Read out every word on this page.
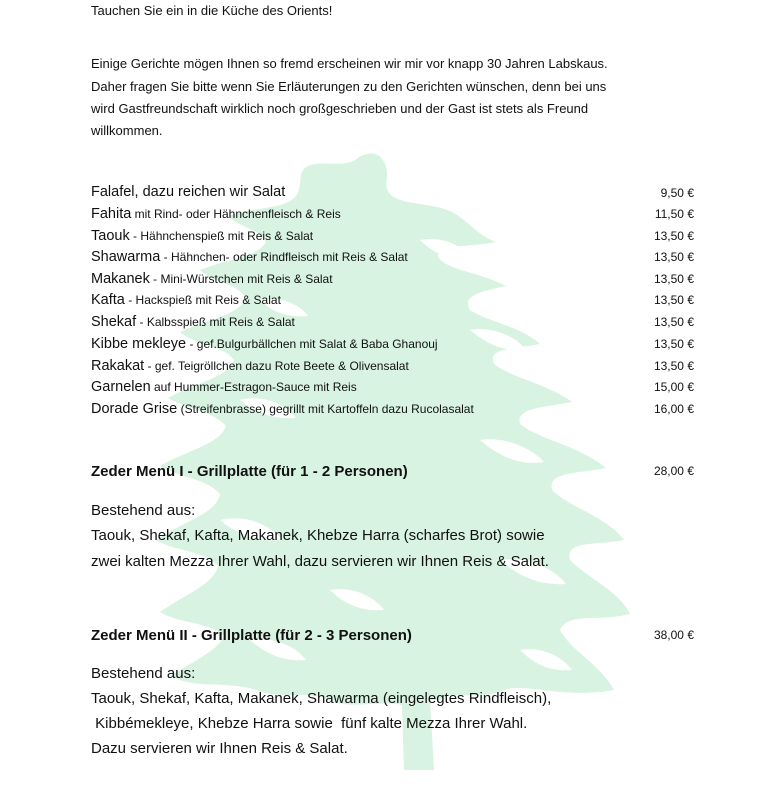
Tauchen Sie ein in die Küche des Orients!
Einige Gerichte mögen Ihnen so fremd erscheinen wir mir vor knapp 30 Jahren Labskaus.
Daher fragen Sie bitte wenn Sie Erläuterungen zu den Gerichten wünschen, denn bei uns
wird Gastfreundschaft wirklich noch großgeschrieben und der Gast ist stets als Freund
willkommen.
Falafel, dazu reichen wir Salat	9,50 €
Fahita mit Rind- oder Hähnchenfleisch & Reis	11,50 €
Taouk - Hähnchenspieß mit Reis & Salat	13,50 €
Shawarma - Hähnchen- oder Rindfleisch mit Reis & Salat	13,50 €
Makanek - Mini-Würstchen mit Reis & Salat	13,50 €
Kafta - Hackspieß mit Reis & Salat	13,50 €
Shekaf - Kalbsspieß mit Reis & Salat	13,50 €
Kibbe mekleye - gef.Bulgurbällchen mit Salat & Baba Ghanouj	13,50 €
Rakakat - gef. Teigröllchen dazu Rote Beete & Olivensalat	13,50 €
Garnelen auf Hummer-Estragon-Sauce mit Reis	15,00 €
Dorade Grise (Streifenbrasse) gegrillt mit Kartoffeln dazu Rucolasalat	16,00 €
Zeder Menü I - Grillplatte (für 1 - 2 Personen)	28,00 €
Bestehend aus:
Taouk, Shekaf, Kafta, Makanek, Khebze Harra (scharfes Brot) sowie
zwei kalten Mezza Ihrer Wahl, dazu servieren wir Ihnen Reis & Salat.
Zeder Menü II - Grillplatte (für 2 - 3 Personen)	38,00 €
Bestehend aus:
Taouk, Shekaf, Kafta, Makanek, Shawarma (eingelegtes Rindfleisch),
Kibbémekleye, Khebze Harra sowie  fünf kalte Mezza Ihrer Wahl.
Dazu servieren wir Ihnen Reis & Salat.
